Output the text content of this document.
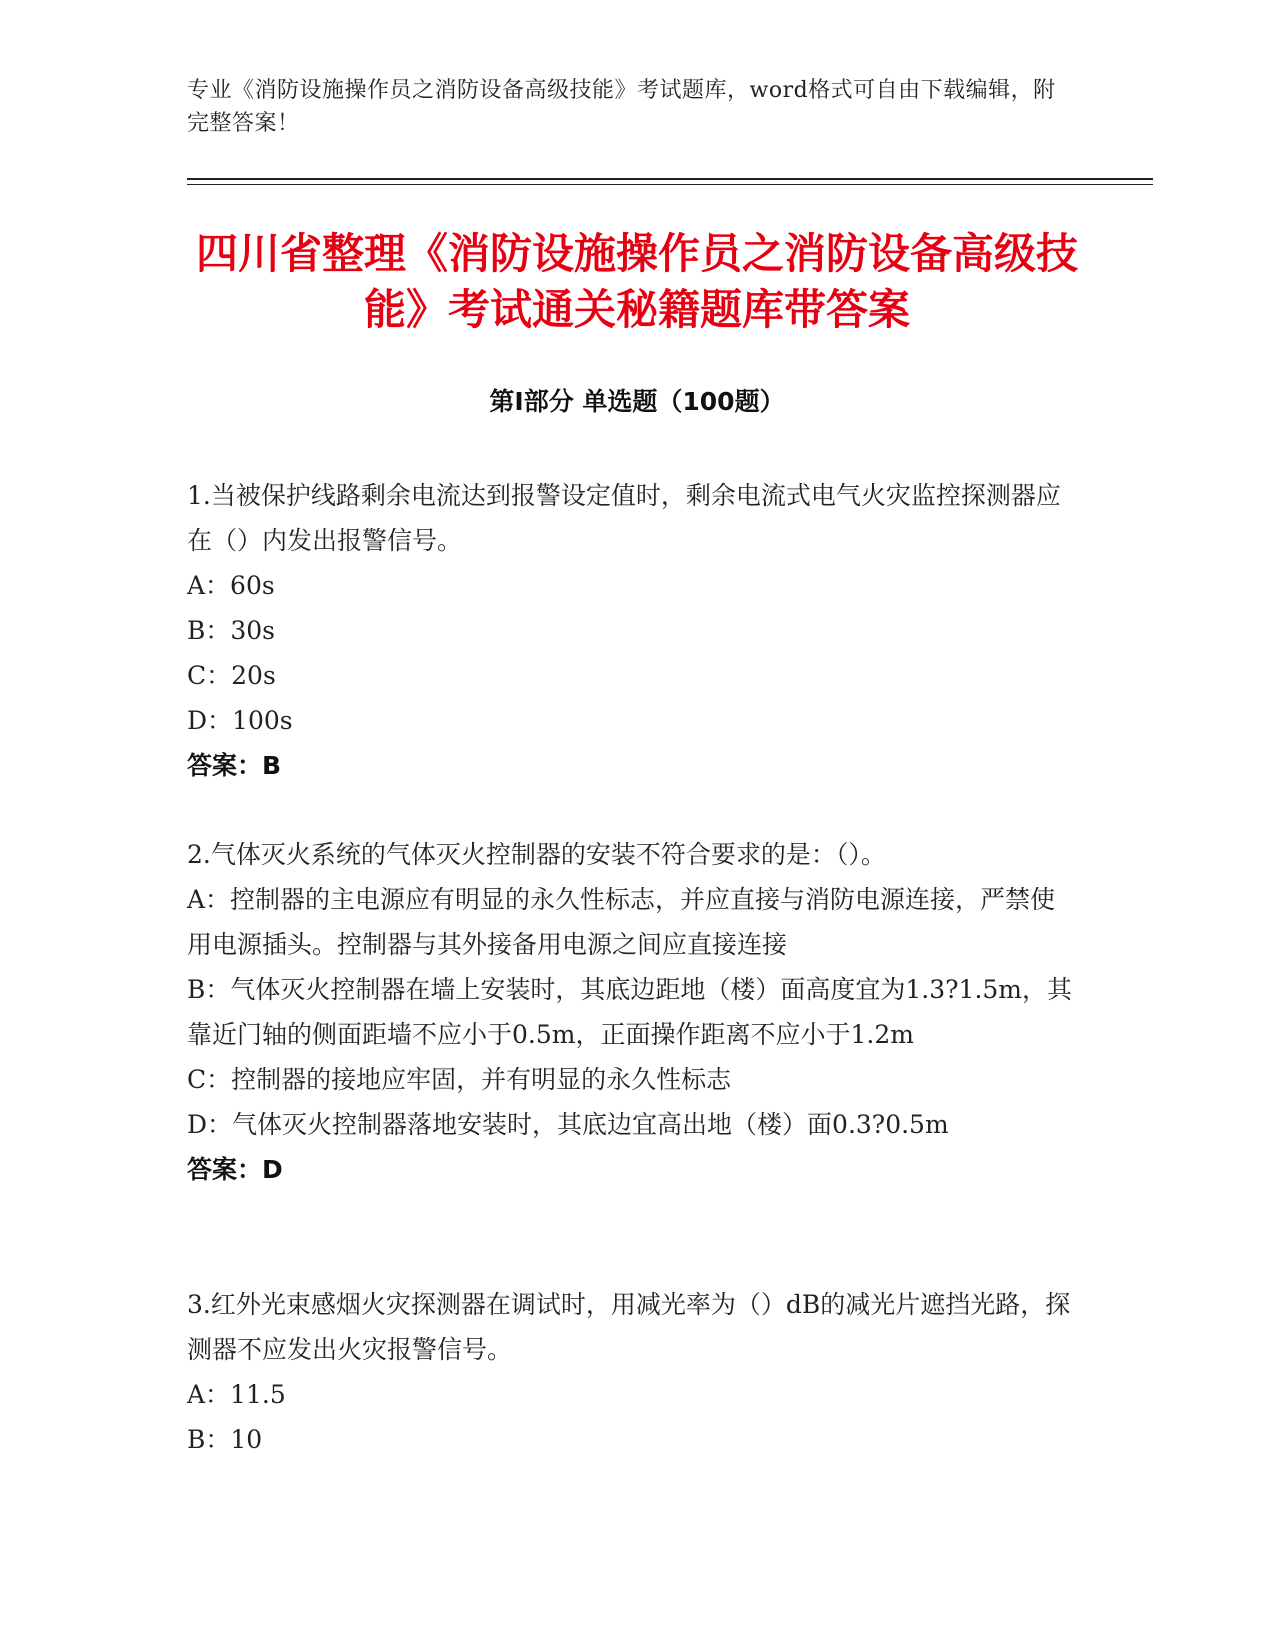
专业《消防设施操作员之消防设备高级技能》考试题库，word格式可自由下载编辑，附完整答案！
四川省整理《消防设施操作员之消防设备高级技能》考试通关秘籍题库带答案
第Ⅰ部分 单选题（100题）

1.当被保护线路剩余电流达到报警设定值时，剩余电流式电气火灾监控探测器应在（）内发出报警信号。

A：60s

B：30s

C：20s

D：100s

答案：B

2.气体灭火系统的气体灭火控制器的安装不符合要求的是：（）。

A：控制器的主电源应有明显的永久性标志，并应直接与消防电源连接，严禁使用电源插头。控制器与其外接备用电源之间应直接连接

B：气体灭火控制器在墙上安装时，其底边距地（楼）面高度宜为1.3?1.5m，其靠近门轴的侧面距墙不应小于0.5m，正面操作距离不应小于1.2m

C：控制器的接地应牢固，并有明显的永久性标志

D：气体灭火控制器落地安装时，其底边宜高出地（楼）面0.3?0.5m

答案：D

3.红外光束感烟火灾探测器在调试时，用减光率为（）dB的减光片遮挡光路，探测器不应发出火灾报警信号。

A：11.5

B：10
